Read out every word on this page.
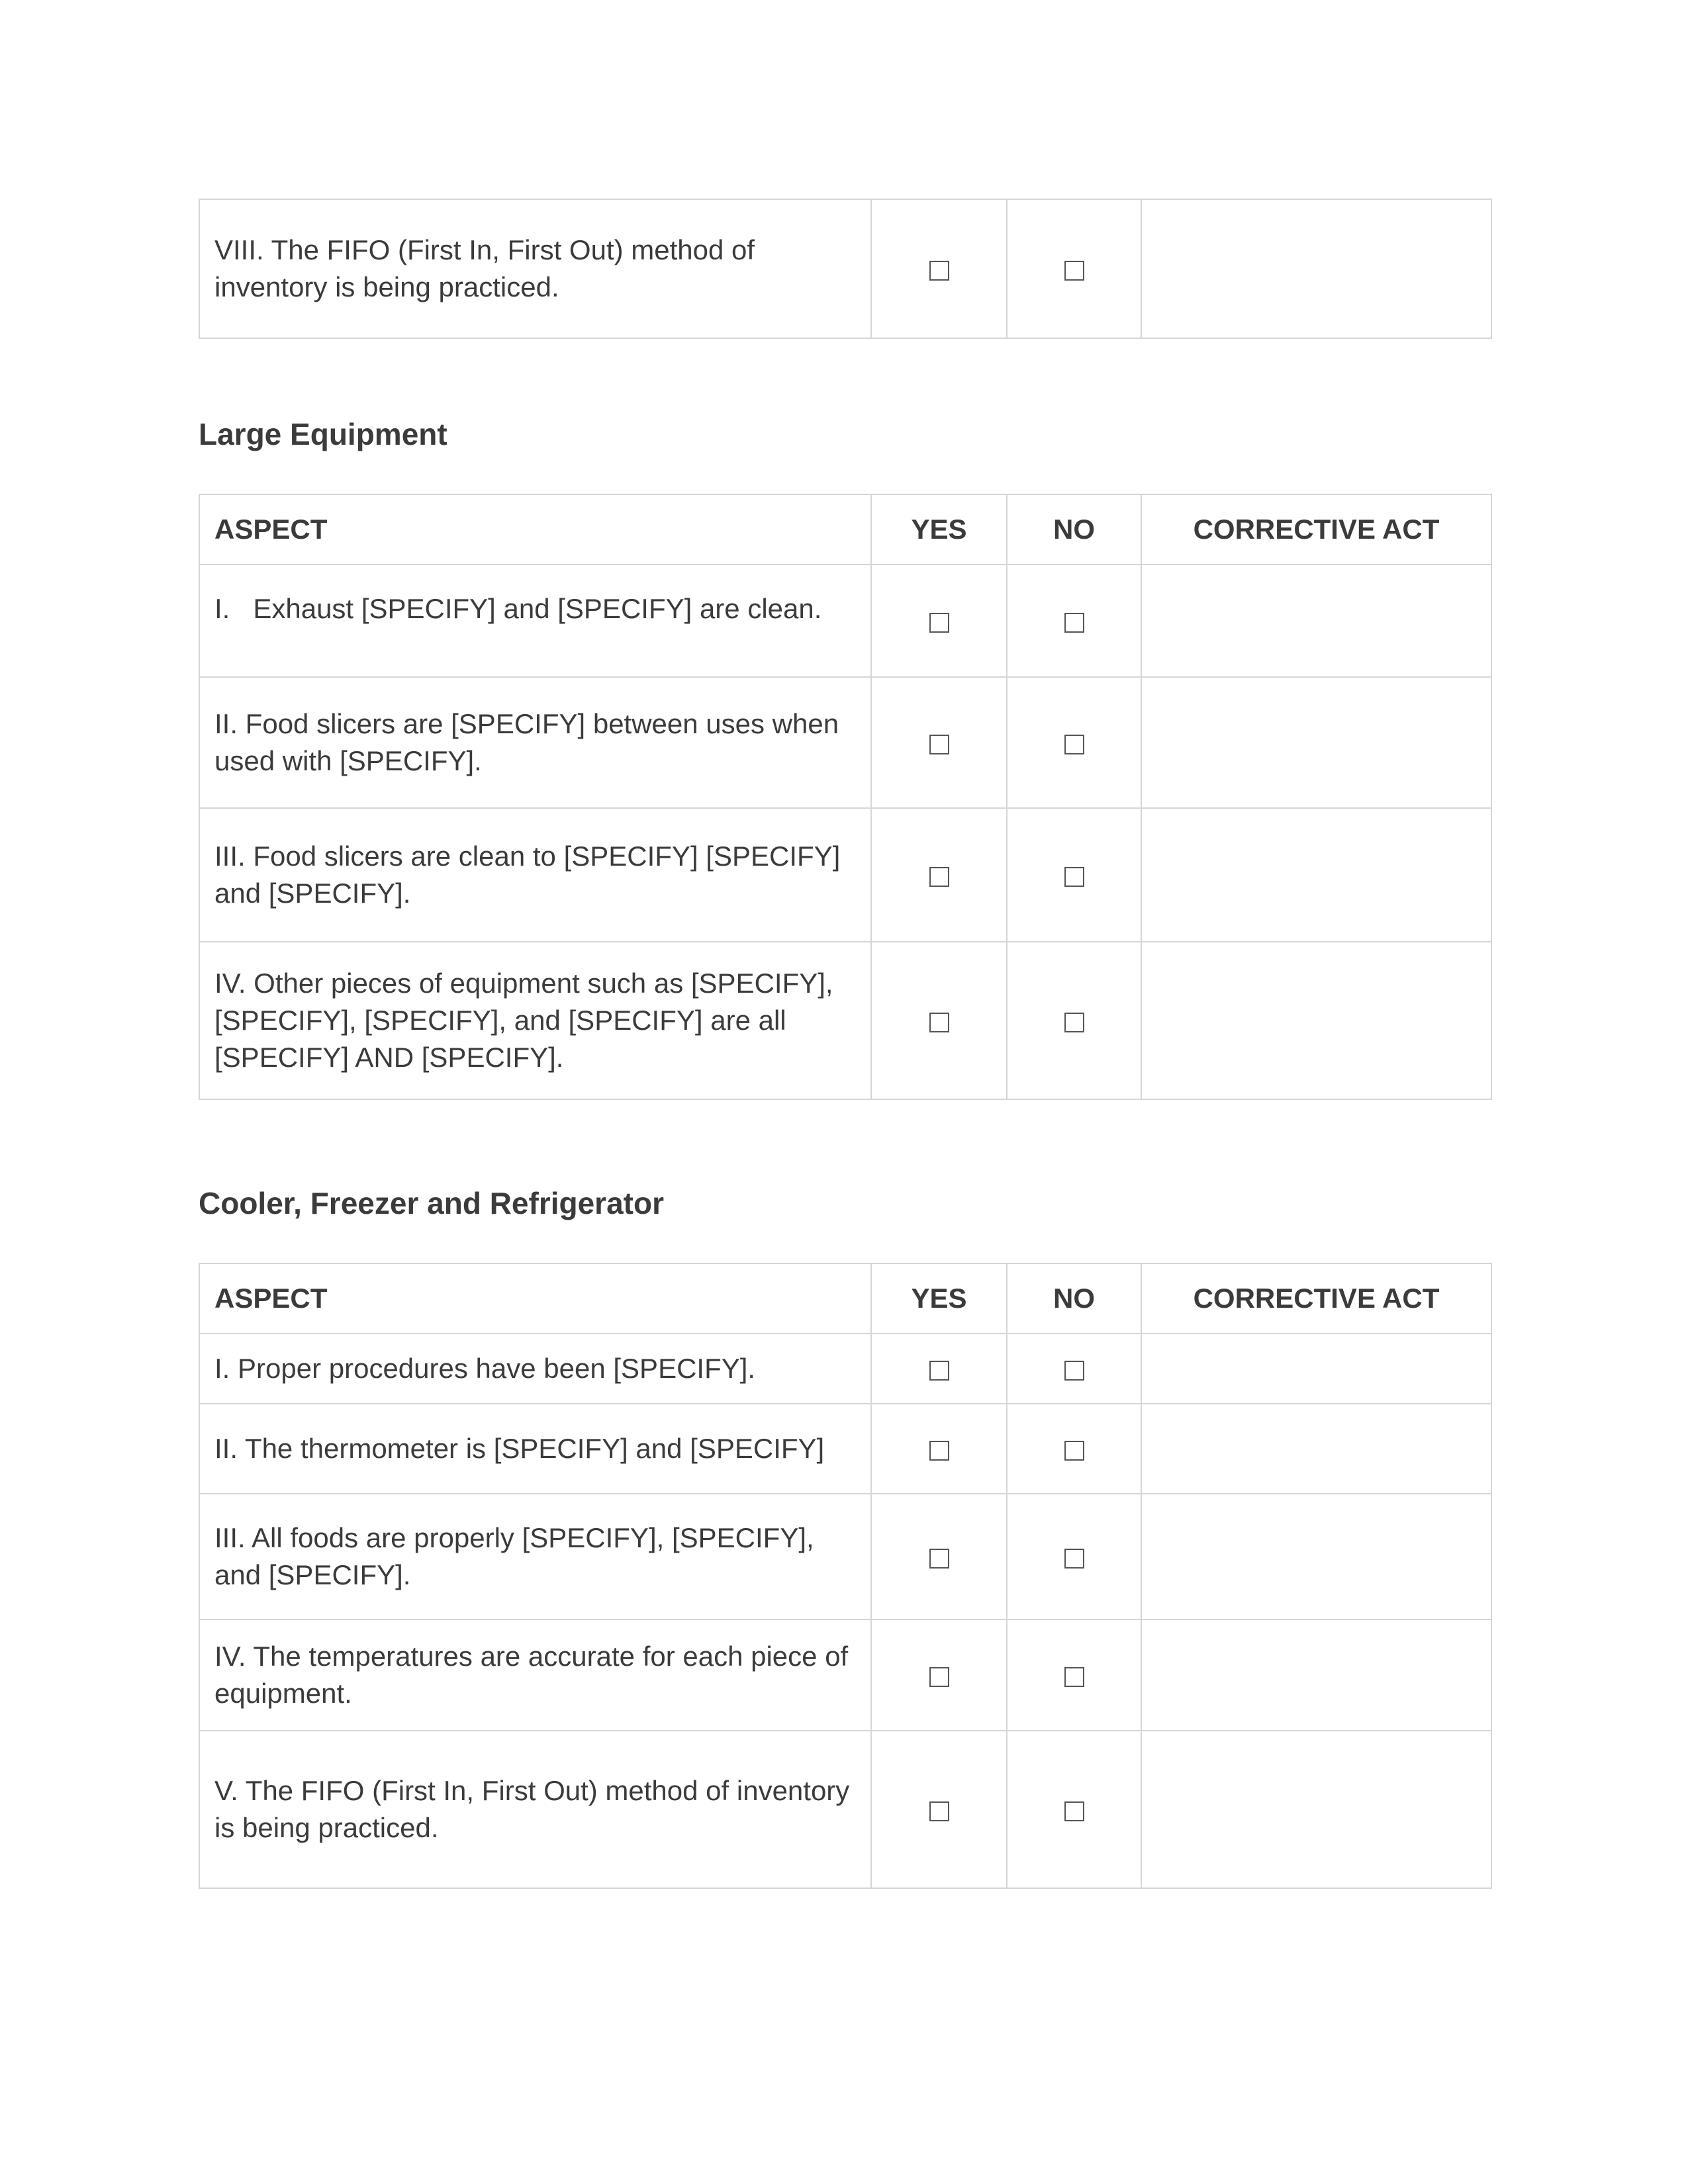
VIII. The FIFO (First In, First Out) method of inventory is being practiced.			
Large Equipment
ASPECT	YES	NO	CORRECTIVE ACT
I.   Exhaust [SPECIFY] and [SPECIFY] are clean.			
II. Food slicers are [SPECIFY] between uses when used with [SPECIFY].			
III. Food slicers are clean to [SPECIFY] [SPECIFY] and [SPECIFY].			
IV. Other pieces of equipment such as [SPECIFY], [SPECIFY], [SPECIFY], and [SPECIFY] are all [SPECIFY] AND [SPECIFY].			
Cooler, Freezer and Refrigerator
ASPECT	YES	NO	CORRECTIVE ACT
I. Proper procedures have been [SPECIFY].			
II. The thermometer is [SPECIFY] and [SPECIFY]			
III. All foods are properly [SPECIFY], [SPECIFY], and [SPECIFY].			
IV. The temperatures are accurate for each piece of equipment.			
V. The FIFO (First In, First Out) method of inventory is being practiced.			
